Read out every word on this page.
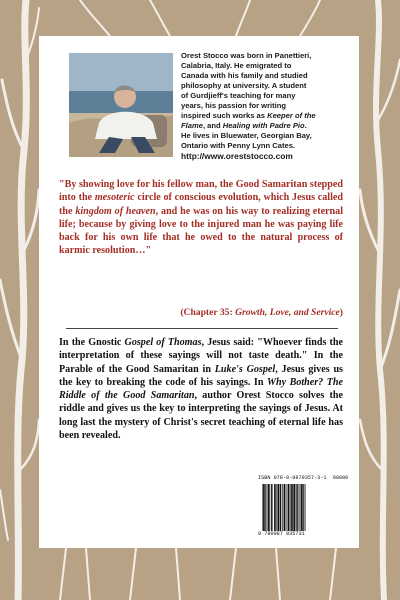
Orest Stocco was born in Panettieri,
Calabria, Italy. He emigrated to
Canada with his family and studied
philosophy at university. A student
of Gurdjieff's teaching for many
years, his passion for writing
inspired such works as Keeper of the
Flame, and Healing with Padre Pio.
He lives in Bluewater, Georgian Bay,
Ontario with Penny Lynn Cates.
http://www.oreststocco.com

"By showing love for his fellow man, the Good Samaritan stepped into the mesoteric circle of conscious evolution, which Jesus called the kingdom of heaven, and he was on his way to realizing eternal life; because by giving love to the injured man he was paying life back for his own life that he owed to the natural process of karmic resolution…"

(Chapter 35: Growth, Love, and Service)

In the Gnostic Gospel of Thomas, Jesus said: "Whoever finds the interpretation of these sayings will not taste death." In the Parable of the Good Samaritan in Luke's Gospel, Jesus gives us the key to breaking the code of his sayings. In Why Bother? The Riddle of the Good Samaritan, author Orest Stocco solves the riddle and gives us the key to interpreting the sayings of Jesus. At long last the mystery of Christ's secret teaching of eternal life has been revealed.

ISBN 978-0-9879357-3-1 90000

9 780987 935731
